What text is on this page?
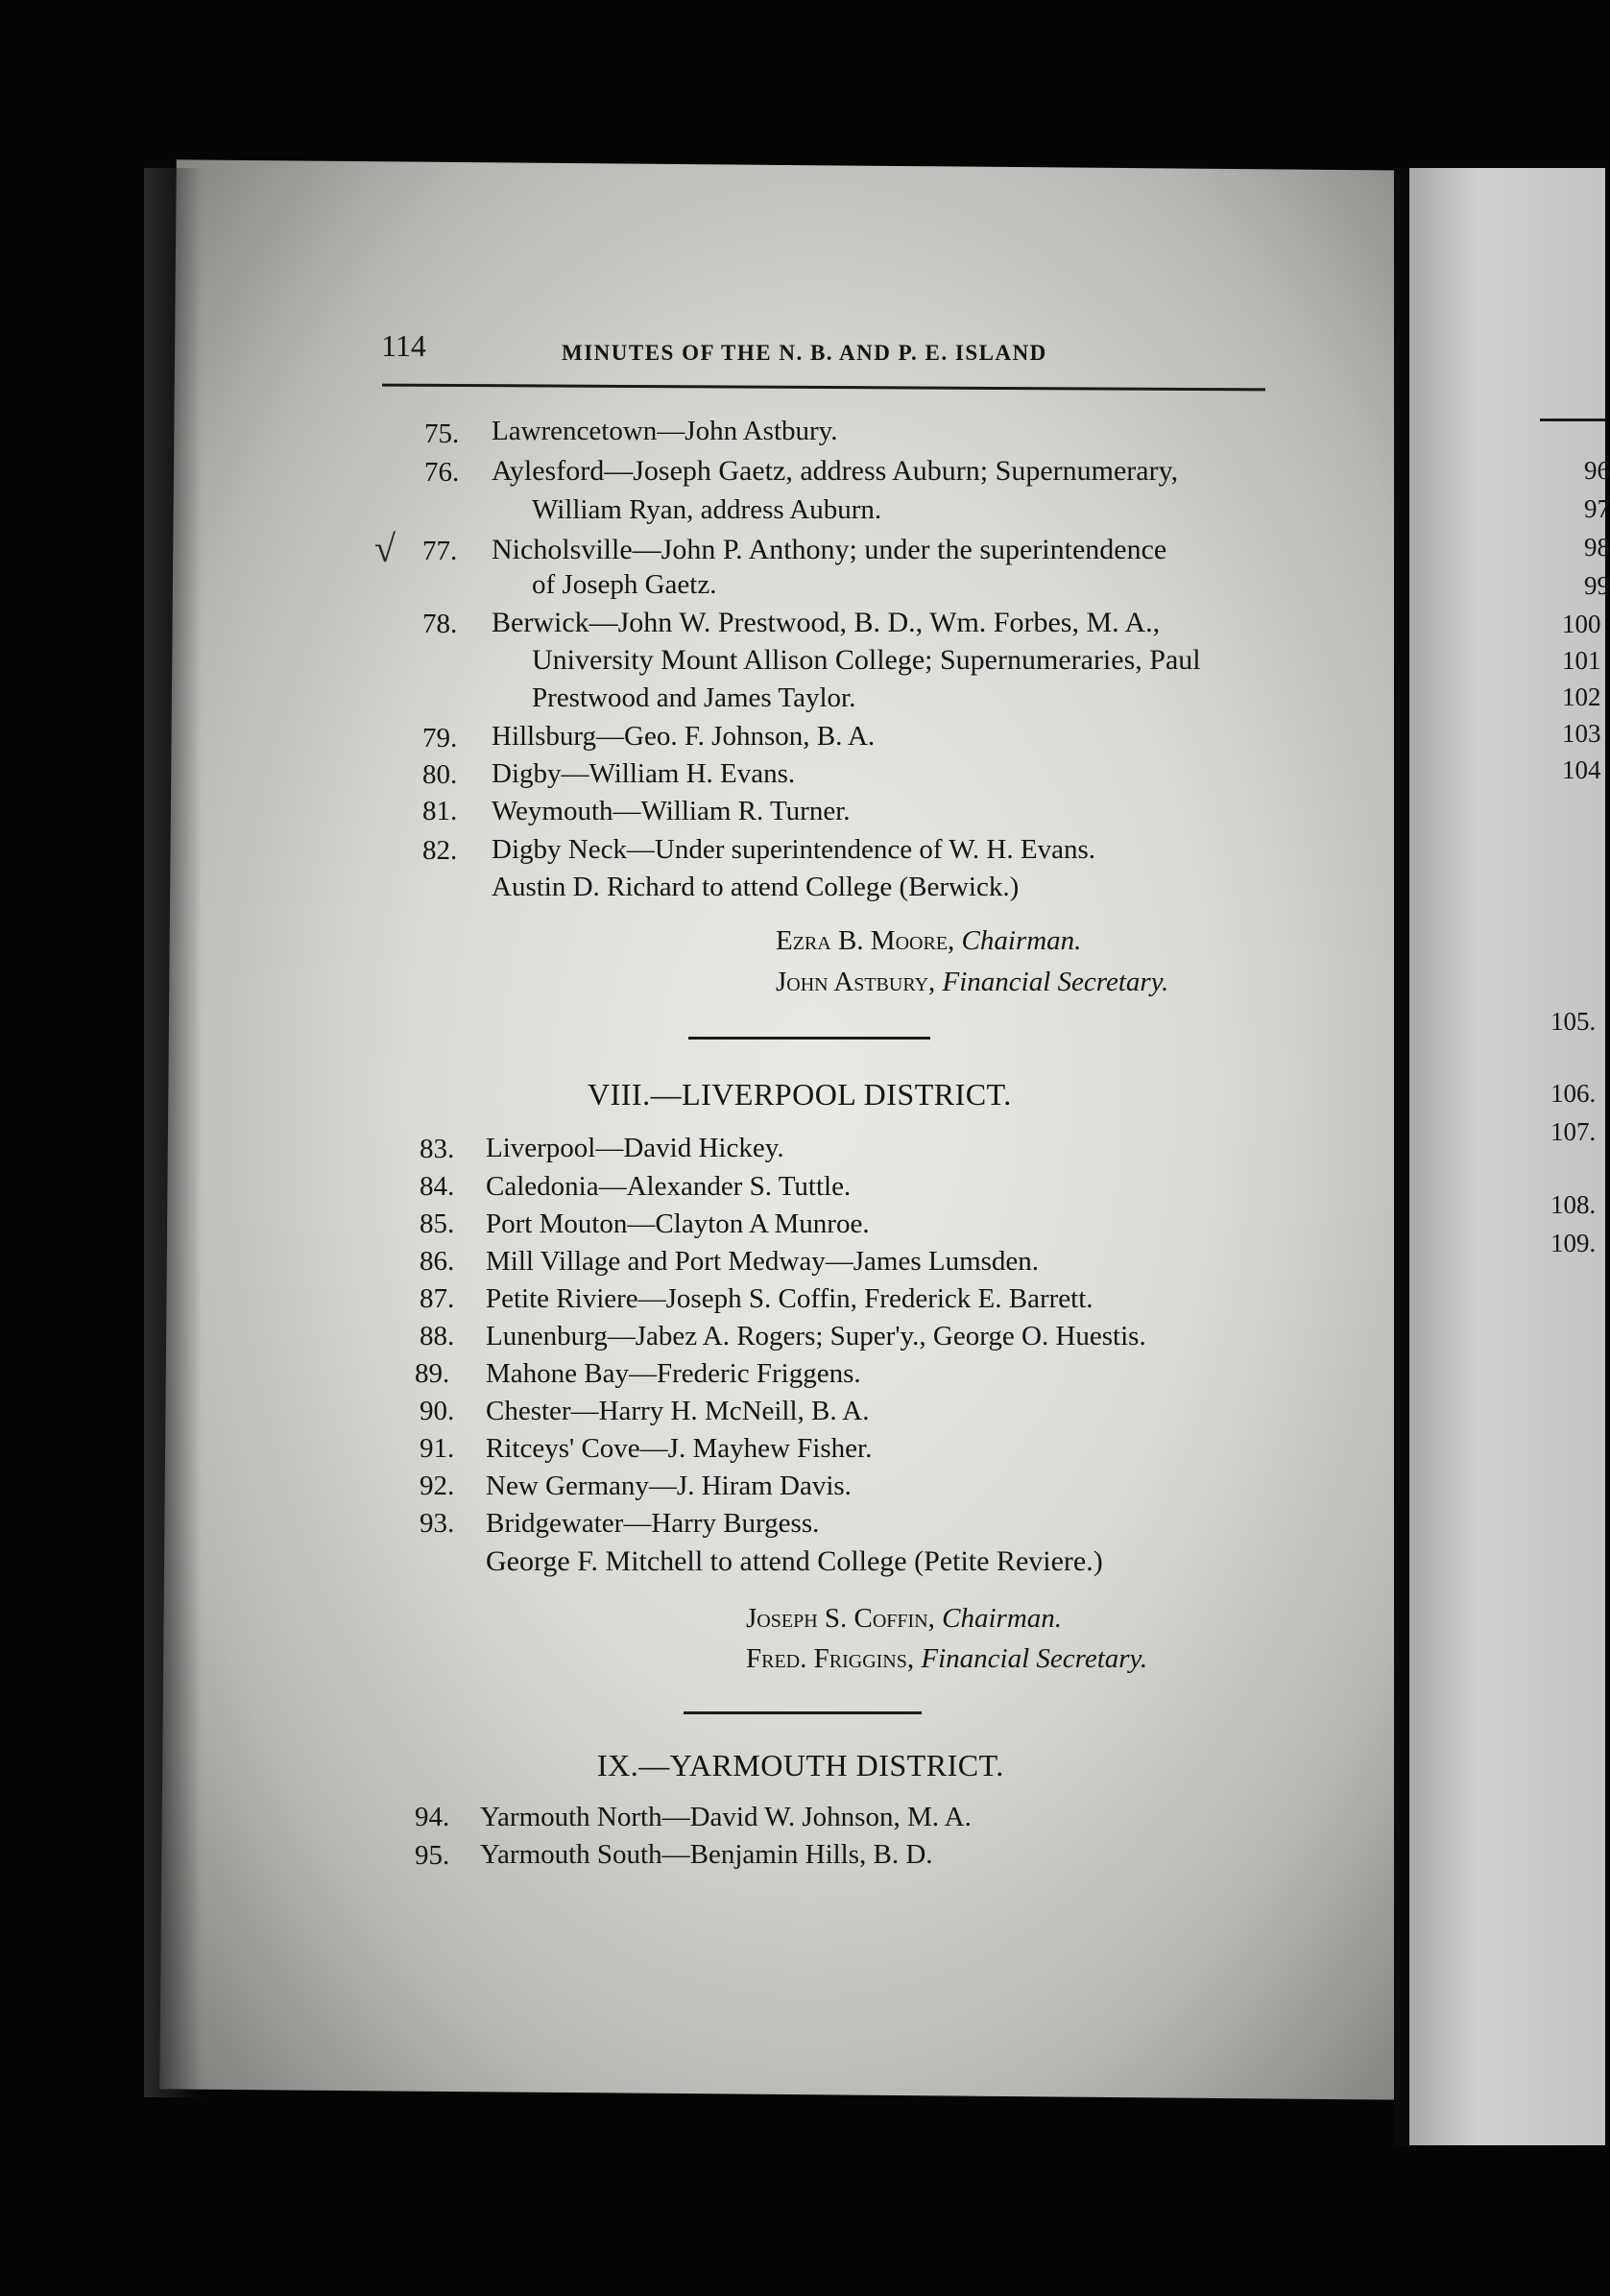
114	MINUTES OF THE N. B. AND P. E. ISLAND
75. Lawrencetown—John Astbury.
76. Aylesford—Joseph Gaetz, address Auburn; Supernumerary,
William Ryan, address Auburn.
√ 77. Nicholsville—John P. Anthony; under the superintendence
of Joseph Gaetz.
78. Berwick—John W. Prestwood, B. D., Wm. Forbes, M. A.,
University Mount Allison College; Supernumeraries, Paul
Prestwood and James Taylor.
79. Hillsburg—Geo. F. Johnson, B. A.
80. Digby—William H. Evans.
81. Weymouth—William R. Turner.
82. Digby Neck—Under superintendence of W. H. Evans.
Austin D. Richard to attend College (Berwick.)
Ezra B. Moore, Chairman.
John Astbury, Financial Secretary.
VIII.—LIVERPOOL DISTRICT.
83. Liverpool—David Hickey.
84. Caledonia—Alexander S. Tuttle.
85. Port Mouton—Clayton A Munroe.
86. Mill Village and Port Medway—James Lumsden.
87. Petite Riviere—Joseph S. Coffin, Frederick E. Barrett.
88. Lunenburg—Jabez A. Rogers; Super'y., George O. Huestis.
89. Mahone Bay—Frederic Friggens.
90. Chester—Harry H. McNeill, B. A.
91. Ritceys' Cove—J. Mayhew Fisher.
92. New Germany—J. Hiram Davis.
93. Bridgewater—Harry Burgess.
George F. Mitchell to attend College (Petite Reviere.)
Joseph S. Coffin, Chairman.
Fred. Friggins, Financial Secretary.
IX.—YARMOUTH DISTRICT.
94. Yarmouth North—David W. Johnson, M. A.
95. Yarmouth South—Benjamin Hills, B. D.
96
97
98
99
100
101
102
103
104
105.
106.
107.
108.
109.
